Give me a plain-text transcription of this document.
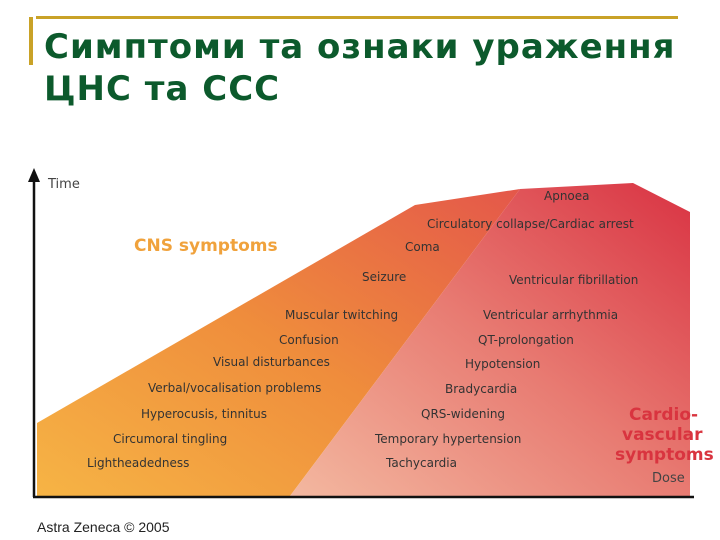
Симптоми та ознаки ураження ЦНС та ССС
Time
Dose
CNS symptoms
Apnoea
Circulatory collapse/Cardiac arrest
Coma
Seizure
Muscular twitching
Confusion
Visual disturbances
Verbal/vocalisation problems
Hyperocusis, tinnitus
Circumoral tingling
Lightheadedness
Ventricular fibrillation
Ventricular arrhythmia
QT-prolongation
Hypotension
Bradycardia
QRS-widening
Temporary hypertension
Tachycardia
Cardio-
vascular
symptoms
Astra Zeneca © 2005
